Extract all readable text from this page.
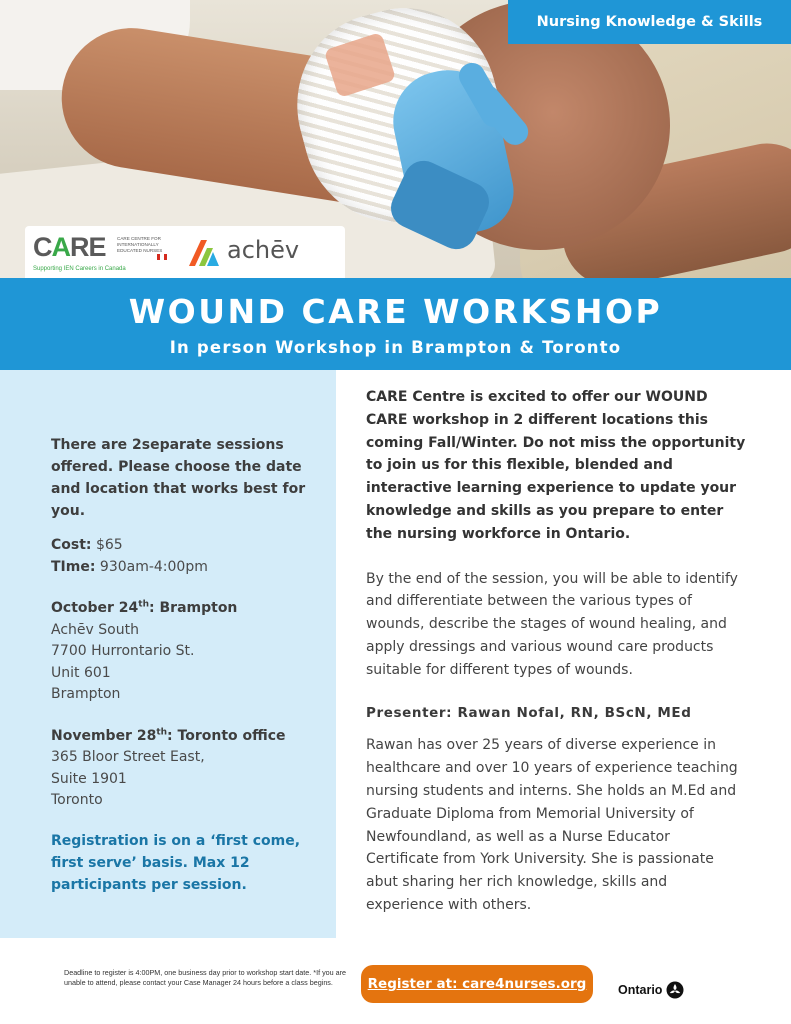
Nursing Knowledge & Skills
CARE CARE CENTRE FOR INTERNATIONALLY EDUCATED NURSES
Supporting IEN Careers in Canada
achēv
WOUND CARE WORKSHOP
In person Workshop in Brampton & Toronto

There are 2separate sessions offered. Please choose the date and location that works best for you.

Cost: $65
TIme: 930am-4:00pm
October 24th: Brampton
Achēv South
7700 Hurrontario St.
Unit 601
Brampton
November 28th: Toronto office
365 Bloor Street East,
Suite 1901
Toronto

Registration is on a ‘first come, first serve’ basis. Max 12 participants per session.

CARE Centre is excited to offer our WOUND CARE workshop in 2 different locations this coming Fall/Winter. Do not miss the opportunity to join us for this flexible, blended and interactive learning experience to update your knowledge and skills as you prepare to enter the nursing workforce in Ontario.

By the end of the session, you will be able to identify and differentiate between the various types of wounds, describe the stages of wound healing, and apply dressings and various wound care products suitable for different types of wounds.

Presenter: Rawan Nofal, RN, BScN, MEd

Rawan has over 25 years of diverse experience in healthcare and over 10 years of experience teaching nursing students and interns. She holds an M.Ed and Graduate Diploma from Memorial University of Newfoundland, as well as a Nurse Educator Certificate from York University. She is passionate abut sharing her rich knowledge, skills and experience with others.

Deadline to register is 4:00PM, one business day prior to workshop start date. *If you are unable to attend, please contact your Case Manager 24 hours before a class begins.	Register at: care4nurses.org	Ontario
